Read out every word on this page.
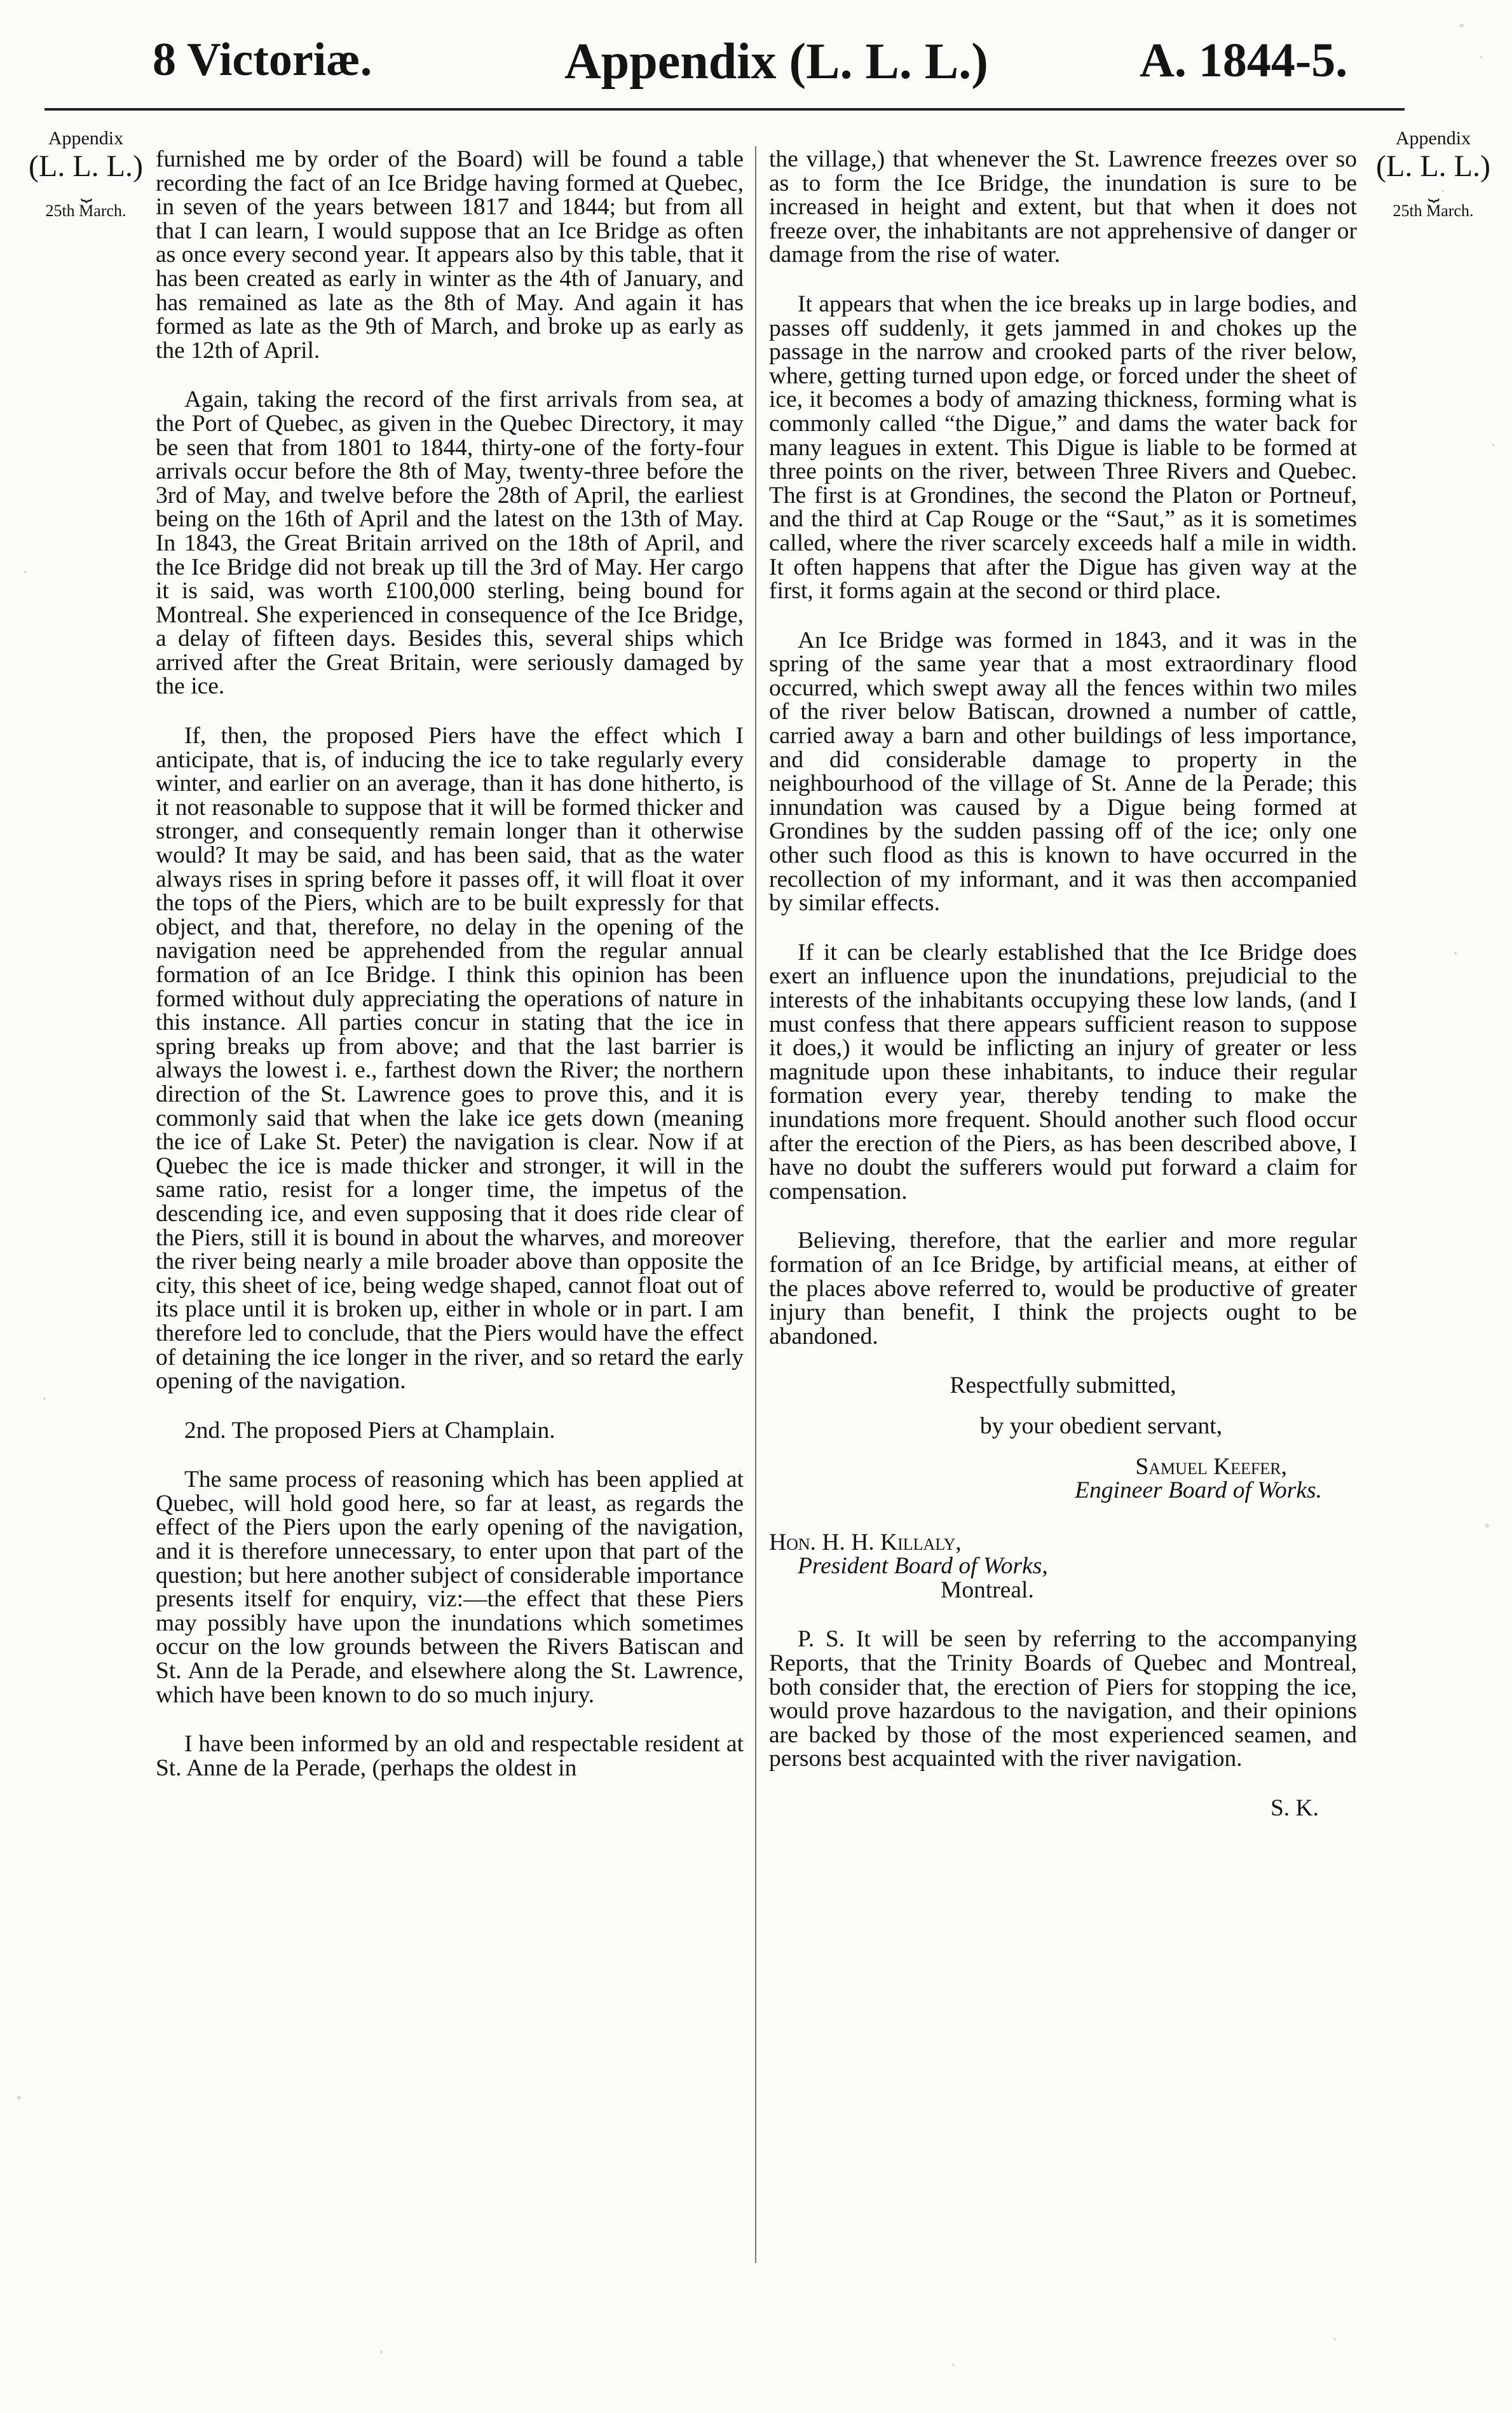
8 Victoriæ.	Appendix (L. L. L.)	A. 1844-5.
Appendix
(L. L. L.)
⏟
25th March.
Appendix
(L. L. L.)
⏟
25th March.

furnished me by order of the Board) will be found a table recording the fact of an Ice Bridge having formed at Quebec, in seven of the years between 1817 and 1844; but from all that I can learn, I would suppose that an Ice Bridge as often as once every second year. It appears also by this table, that it has been created as early in winter as the 4th of January, and has remained as late as the 8th of May. And again it has formed as late as the 9th of March, and broke up as early as the 12th of April.

Again, taking the record of the first arrivals from sea, at the Port of Quebec, as given in the Quebec Directory, it may be seen that from 1801 to 1844, thirty-one of the forty-four arrivals occur before the 8th of May, twenty-three before the 3rd of May, and twelve before the 28th of April, the earliest being on the 16th of April and the latest on the 13th of May. In 1843, the Great Britain arrived on the 18th of April, and the Ice Bridge did not break up till the 3rd of May. Her cargo it is said, was worth £100,000 sterling, being bound for Montreal. She experienced in consequence of the Ice Bridge, a delay of fifteen days. Besides this, several ships which arrived after the Great Britain, were seriously damaged by the ice.

If, then, the proposed Piers have the effect which I anticipate, that is, of inducing the ice to take regularly every winter, and earlier on an average, than it has done hitherto, is it not reasonable to suppose that it will be formed thicker and stronger, and consequently remain longer than it otherwise would? It may be said, and has been said, that as the water always rises in spring before it passes off, it will float it over the tops of the Piers, which are to be built expressly for that object, and that, therefore, no delay in the opening of the navigation need be apprehended from the regular annual formation of an Ice Bridge. I think this opinion has been formed without duly appreciating the operations of nature in this instance. All parties concur in stating that the ice in spring breaks up from above; and that the last barrier is always the lowest i. e., farthest down the River; the northern direction of the St. Lawrence goes to prove this, and it is commonly said that when the lake ice gets down (meaning the ice of Lake St. Peter) the navigation is clear. Now if at Quebec the ice is made thicker and stronger, it will in the same ratio, resist for a longer time, the impetus of the descending ice, and even supposing that it does ride clear of the Piers, still it is bound in about the wharves, and moreover the river being nearly a mile broader above than opposite the city, this sheet of ice, being wedge shaped, cannot float out of its place until it is broken up, either in whole or in part. I am therefore led to conclude, that the Piers would have the effect of detaining the ice longer in the river, and so retard the early opening of the navigation.

2nd. The proposed Piers at Champlain.

The same process of reasoning which has been applied at Quebec, will hold good here, so far at least, as regards the effect of the Piers upon the early opening of the navigation, and it is therefore unnecessary, to enter upon that part of the question; but here another subject of considerable importance presents itself for enquiry, viz:—the effect that these Piers may possibly have upon the inundations which sometimes occur on the low grounds between the Rivers Batiscan and St. Ann de la Perade, and elsewhere along the St. Lawrence, which have been known to do so much injury.

I have been informed by an old and respectable resident at St. Anne de la Perade, (perhaps the oldest in

the village,) that whenever the St. Lawrence freezes over so as to form the Ice Bridge, the inundation is sure to be increased in height and extent, but that when it does not freeze over, the inhabitants are not apprehensive of danger or damage from the rise of water.

It appears that when the ice breaks up in large bodies, and passes off suddenly, it gets jammed in and chokes up the passage in the narrow and crooked parts of the river below, where, getting turned upon edge, or forced under the sheet of ice, it becomes a body of amazing thickness, forming what is commonly called “the Digue,” and dams the water back for many leagues in extent. This Digue is liable to be formed at three points on the river, between Three Rivers and Quebec. The first is at Grondines, the second the Platon or Portneuf, and the third at Cap Rouge or the “Saut,” as it is sometimes called, where the river scarcely exceeds half a mile in width. It often happens that after the Digue has given way at the first, it forms again at the second or third place.

An Ice Bridge was formed in 1843, and it was in the spring of the same year that a most extraordinary flood occurred, which swept away all the fences within two miles of the river below Batiscan, drowned a number of cattle, carried away a barn and other buildings of less importance, and did considerable damage to property in the neighbourhood of the village of St. Anne de la Perade; this innundation was caused by a Digue being formed at Grondines by the sudden passing off of the ice; only one other such flood as this is known to have occurred in the recollection of my informant, and it was then accompanied by similar effects.

If it can be clearly established that the Ice Bridge does exert an influence upon the inundations, prejudicial to the interests of the inhabitants occupying these low lands, (and I must confess that there appears sufficient reason to suppose it does,) it would be inflicting an injury of greater or less magnitude upon these inhabitants, to induce their regular formation every year, thereby tending to make the inundations more frequent. Should another such flood occur after the erection of the Piers, as has been described above, I have no doubt the sufferers would put forward a claim for compensation.

Believing, therefore, that the earlier and more regular formation of an Ice Bridge, by artificial means, at either of the places above referred to, would be productive of greater injury than benefit, I think the projects ought to be abandoned.

Respectfully submitted,

by your obedient servant,

Samuel Keefer,

Engineer Board of Works.

Hon. H. H. Killaly,

President Board of Works,

Montreal.

P. S. It will be seen by referring to the accompanying Reports, that the Trinity Boards of Quebec and Montreal, both consider that, the erection of Piers for stopping the ice, would prove hazardous to the navigation, and their opinions are backed by those of the most experienced seamen, and persons best acquainted with the river navigation.

S. K.
